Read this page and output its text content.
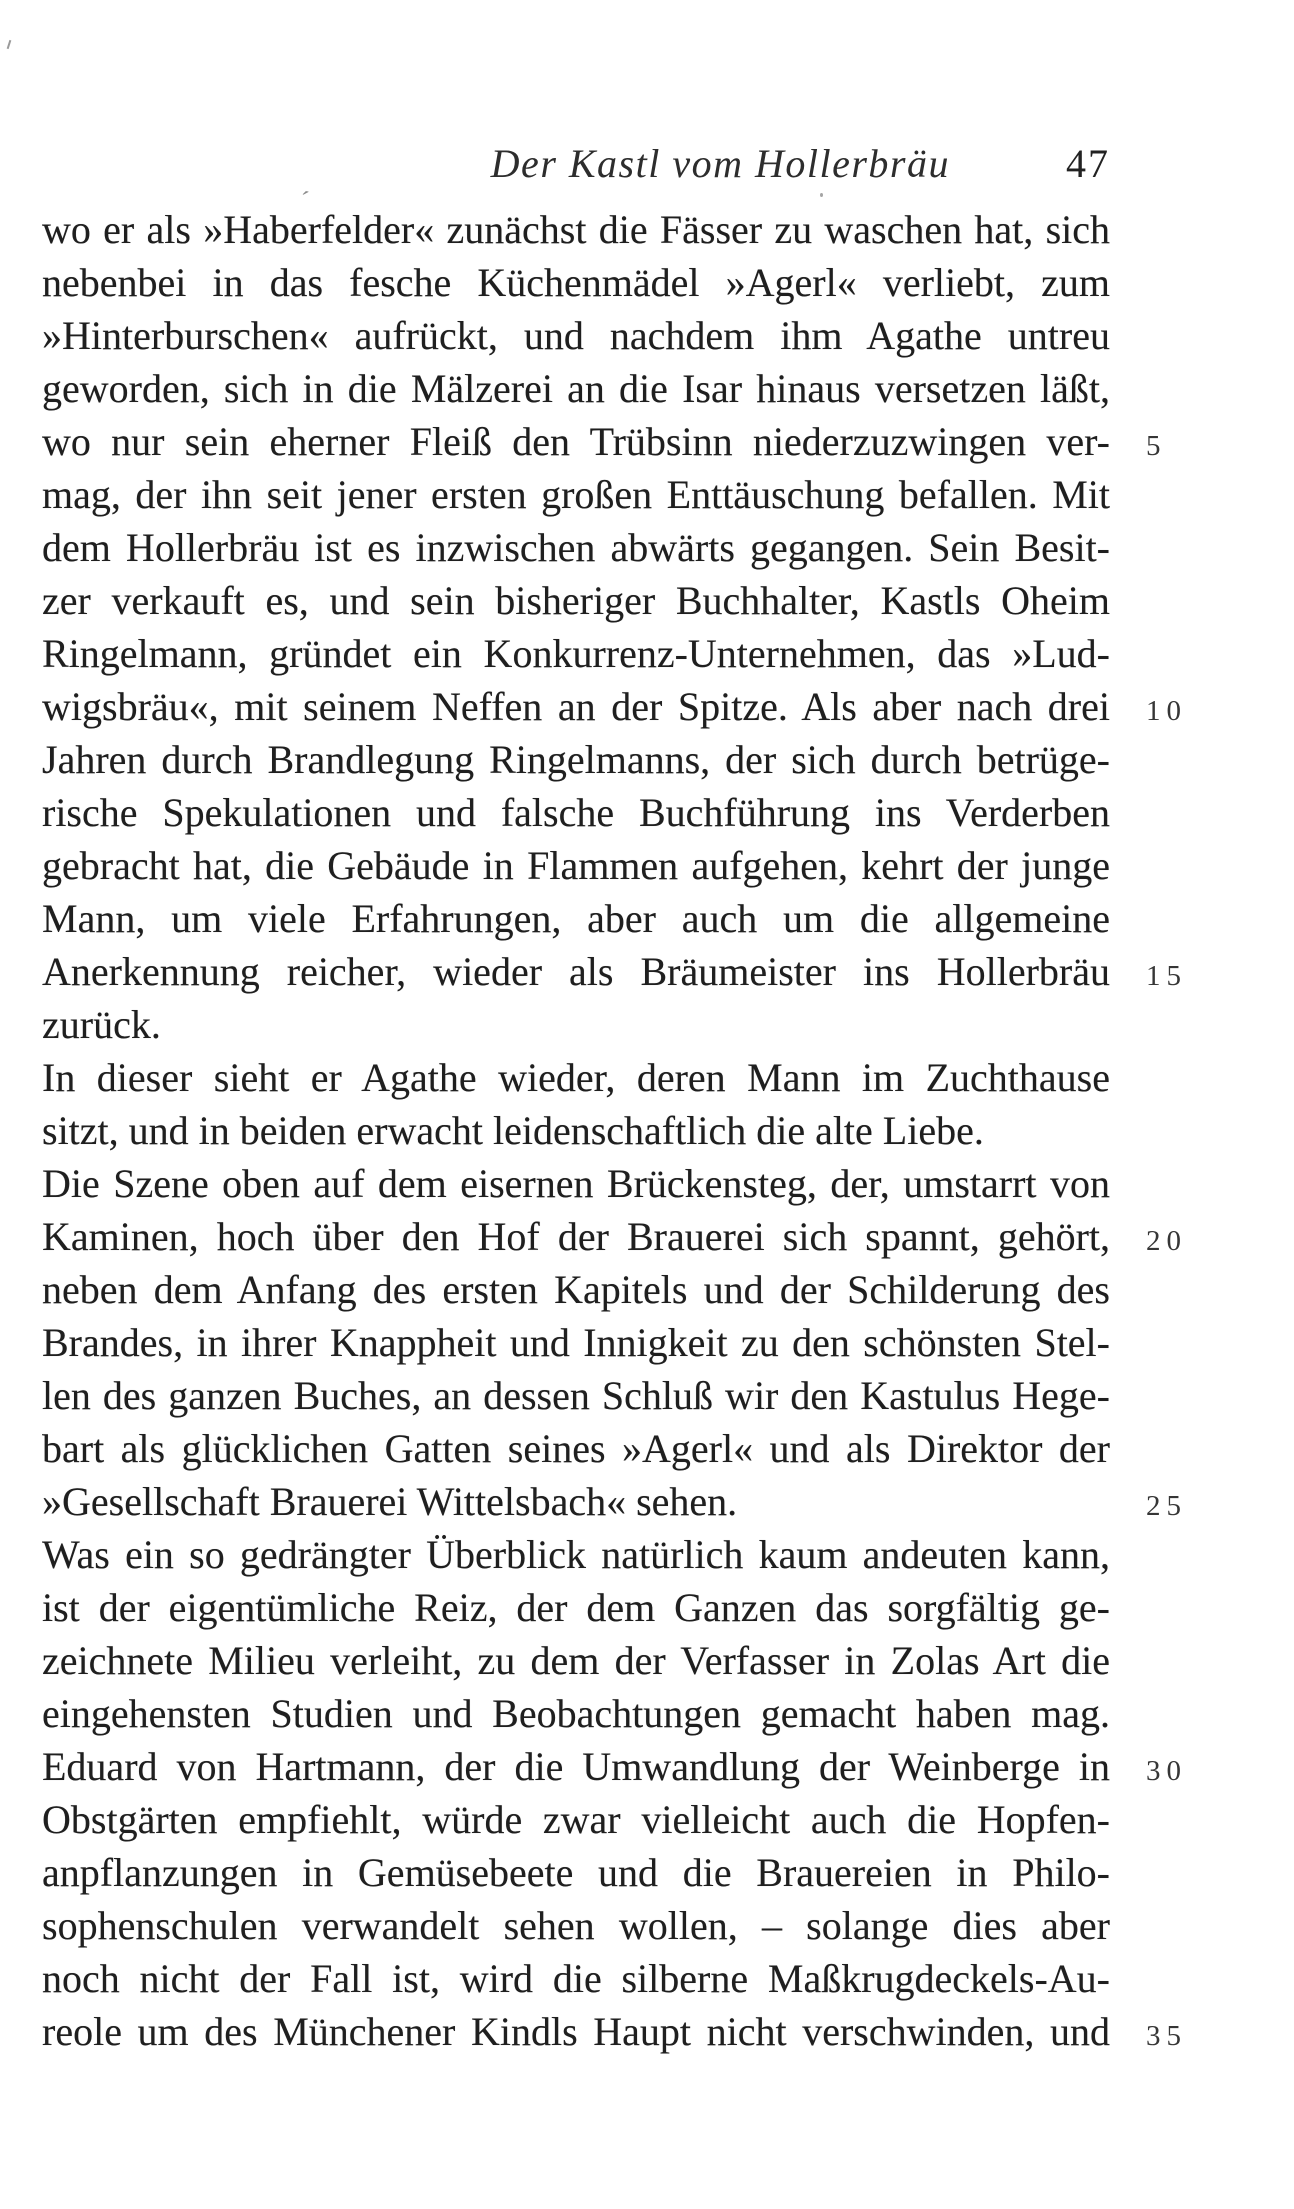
´
Der Kastl vom Hollerbräu	47
wo er als »Haberfelder« zunächst die Fässer zu waschen hat, sich
nebenbei in das fesche Küchenmädel »Agerl« verliebt, zum
»Hinterburschen« aufrückt, und nachdem ihm Agathe untreu
geworden, sich in die Mälzerei an die Isar hinaus versetzen läßt,
wo nur sein eherner Fleiß den Trübsinn niederzuzwingen ver- 5
mag, der ihn seit jener ersten großen Enttäuschung befallen. Mit
dem Hollerbräu ist es inzwischen abwärts gegangen. Sein Besit-
zer verkauft es, und sein bisheriger Buchhalter, Kastls Oheim
Ringelmann, gründet ein Konkurrenz-Unternehmen, das »Lud-
wigsbräu«, mit seinem Neffen an der Spitze. Als aber nach drei 10
Jahren durch Brandlegung Ringelmanns, der sich durch betrüge-
rische Spekulationen und falsche Buchführung ins Verderben
gebracht hat, die Gebäude in Flammen aufgehen, kehrt der junge
Mann, um viele Erfahrungen, aber auch um die allgemeine
Anerkennung reicher, wieder als Bräumeister ins Hollerbräu 15
zurück.
In dieser sieht er Agathe wieder, deren Mann im Zuchthause
sitzt, und in beiden erwacht leidenschaftlich die alte Liebe.
Die Szene oben auf dem eisernen Brückensteg, der, umstarrt von
Kaminen, hoch über den Hof der Brauerei sich spannt, gehört, 20
neben dem Anfang des ersten Kapitels und der Schilderung des
Brandes, in ihrer Knappheit und Innigkeit zu den schönsten Stel-
len des ganzen Buches, an dessen Schluß wir den Kastulus Hege-
bart als glücklichen Gatten seines »Agerl« und als Direktor der
»Gesellschaft Brauerei Wittelsbach« sehen.	25
Was ein so gedrängter Überblick natürlich kaum andeuten kann,
ist der eigentümliche Reiz, der dem Ganzen das sorgfältig ge-
zeichnete Milieu verleiht, zu dem der Verfasser in Zolas Art die
eingehensten Studien und Beobachtungen gemacht haben mag.
Eduard von Hartmann, der die Umwandlung der Weinberge in 30
Obstgärten empfiehlt, würde zwar vielleicht auch die Hopfen-
anpflanzungen in Gemüsebeete und die Brauereien in Philo-
sophenschulen verwandelt sehen wollen, – solange dies aber
noch nicht der Fall ist, wird die silberne Maßkrugdeckels-Au-
reole um des Münchener Kindls Haupt nicht verschwinden, und 35
